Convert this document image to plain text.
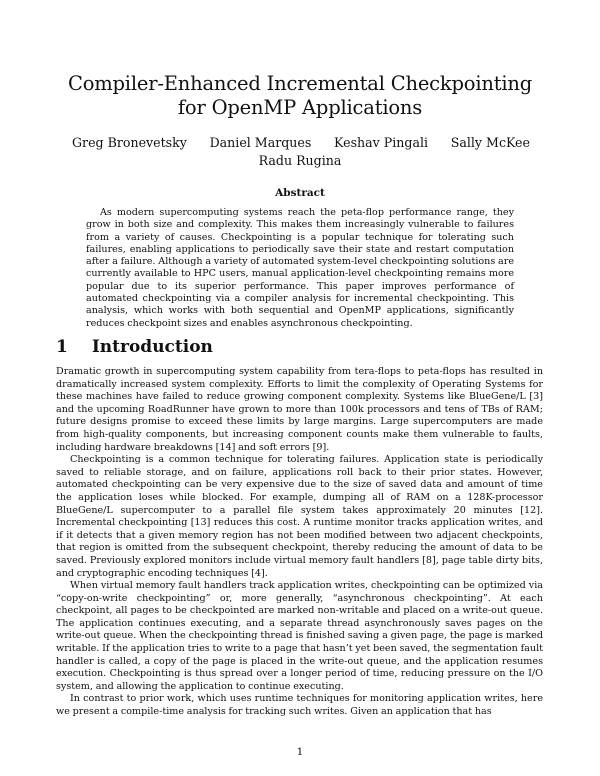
Compiler-Enhanced Incremental Checkpointing for OpenMP Applications
Greg Bronevetsky Daniel Marques Keshav Pingali Sally McKee
Radu Rugina
Abstract
As modern supercomputing systems reach the peta-flop performance range, they grow in both size and complexity. This makes them increasingly vulnerable to failures from a variety of causes. Checkpointing is a popular technique for tolerating such failures, enabling applications to periodically save their state and restart computation after a failure. Although a variety of automated system-level checkpointing solutions are currently available to HPC users, manual application-level checkpointing remains more popular due to its superior performance. This paper improves performance of automated checkpointing via a compiler analysis for incremental checkpointing. This analysis, which works with both sequential and OpenMP applications, significantly reduces checkpoint sizes and enables asynchronous checkpointing.
1 Introduction

Dramatic growth in supercomputing system capability from tera-flops to peta-flops has resulted in dramatically increased system complexity. Efforts to limit the complexity of Operating Systems for these machines have failed to reduce growing component complexity. Systems like BlueGene/L [3] and the upcoming RoadRunner have grown to more than 100k processors and tens of TBs of RAM; future designs promise to exceed these limits by large margins. Large supercomputers are made from high-quality components, but increasing component counts make them vulnerable to faults, including hardware breakdowns [14] and soft errors [9].

Checkpointing is a common technique for tolerating failures. Application state is periodically saved to reliable storage, and on failure, applications roll back to their prior states. However, automated checkpointing can be very expensive due to the size of saved data and amount of time the application loses while blocked. For example, dumping all of RAM on a 128K-processor BlueGene/L supercomputer to a parallel file system takes approximately 20 minutes [12]. Incremental checkpointing [13] reduces this cost. A runtime monitor tracks application writes, and if it detects that a given memory region has not been modified between two adjacent checkpoints, that region is omitted from the subsequent checkpoint, thereby reducing the amount of data to be saved. Previously explored monitors include virtual memory fault handlers [8], page table dirty bits, and cryptographic encoding techniques [4].

When virtual memory fault handlers track application writes, checkpointing can be optimized via “copy-on-write checkpointing” or, more generally, “asynchronous checkpointing”. At each checkpoint, all pages to be checkpointed are marked non-writable and placed on a write-out queue. The application continues executing, and a separate thread asynchronously saves pages on the write-out queue. When the checkpointing thread is finished saving a given page, the page is marked writable. If the application tries to write to a page that hasn’t yet been saved, the segmentation fault handler is called, a copy of the page is placed in the write-out queue, and the application resumes execution. Checkpointing is thus spread over a longer period of time, reducing pressure on the I/O system, and allowing the application to continue executing.

In contrast to prior work, which uses runtime techniques for monitoring application writes, here we present a compile-time analysis for tracking such writes. Given an application that has

1
